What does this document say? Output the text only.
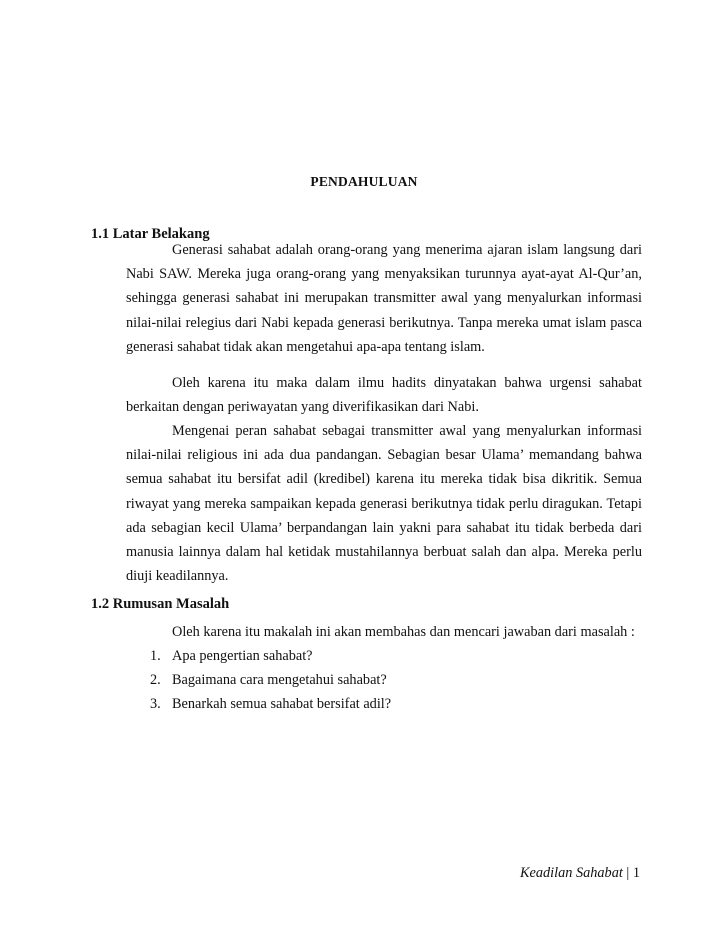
PENDAHULUAN
1.1 Latar Belakang

Generasi sahabat adalah orang-orang yang menerima ajaran islam langsung dari Nabi SAW. Mereka juga orang-orang yang menyaksikan turunnya ayat-ayat Al-Qur’an, sehingga generasi sahabat ini merupakan transmitter awal yang menyalurkan informasi nilai-nilai relegius dari Nabi kepada generasi berikutnya. Tanpa mereka umat islam pasca generasi sahabat tidak akan mengetahui apa-apa tentang islam.

Oleh karena itu maka dalam ilmu hadits dinyatakan bahwa urgensi sahabat berkaitan dengan periwayatan yang diverifikasikan dari Nabi.

Mengenai peran sahabat sebagai transmitter awal yang menyalurkan informasi nilai-nilai religious ini ada dua pandangan. Sebagian besar Ulama’ memandang bahwa semua sahabat itu bersifat adil (kredibel) karena itu mereka tidak bisa dikritik. Semua riwayat yang mereka sampaikan kepada generasi berikutnya tidak perlu diragukan. Tetapi ada sebagian kecil Ulama’ berpandangan lain yakni para sahabat itu tidak berbeda dari manusia lainnya dalam hal ketidak mustahilannya berbuat salah dan alpa. Mereka perlu diuji keadilannya.

1.2 Rumusan Masalah
Oleh karena itu makalah ini akan membahas dan mencari jawaban dari masalah :
1. Apa pengertian sahabat?
2. Bagaimana cara mengetahui sahabat?
3. Benarkah semua sahabat bersifat adil?
Keadilan Sahabat | 1
